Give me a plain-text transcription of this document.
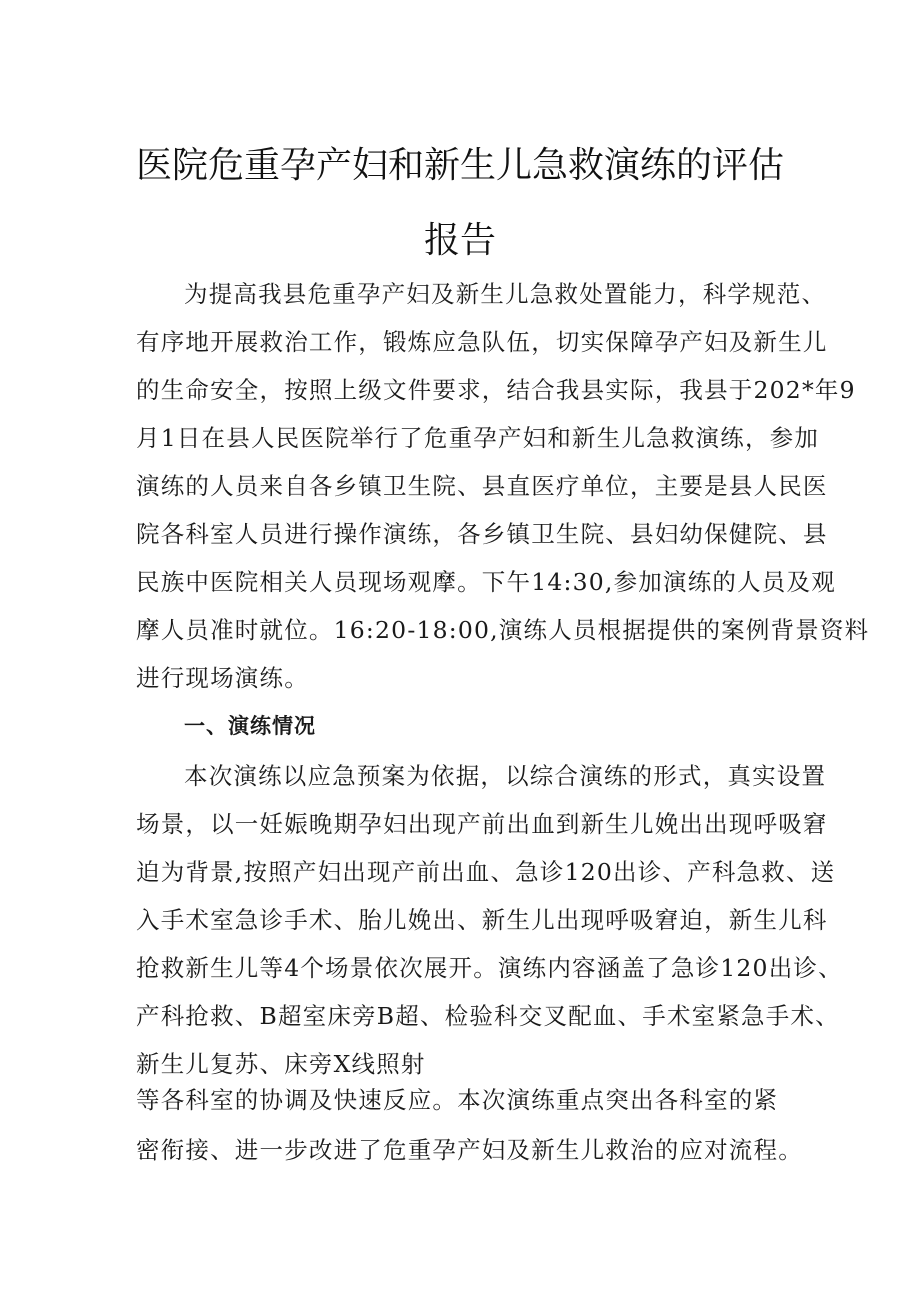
医院危重孕产妇和新生儿急救演练的评估
报告
为提高我县危重孕产妇及新生儿急救处置能力，科学规范、
有序地开展救治工作，锻炼应急队伍，切实保障孕产妇及新生儿
的生命安全，按照上级文件要求，结合我县实际，我县于202*年9
月1日在县人民医院举行了危重孕产妇和新生儿急救演练，参加
演练的人员来自各乡镇卫生院、县直医疗单位，主要是县人民医
院各科室人员进行操作演练，各乡镇卫生院、县妇幼保健院、县
民族中医院相关人员现场观摩。下午14:30,参加演练的人员及观
摩人员准时就位。16:20-18:00,演练人员根据提供的案例背景资料
进行现场演练。
一、演练情况
本次演练以应急预案为依据，以综合演练的形式，真实设置
场景，以一妊娠晚期孕妇出现产前出血到新生儿娩出出现呼吸窘
迫为背景,按照产妇出现产前出血、急诊120出诊、产科急救、送
入手术室急诊手术、胎儿娩出、新生儿出现呼吸窘迫，新生儿科
抢救新生儿等4个场景依次展开。演练内容涵盖了急诊120出诊、
产科抢救、B超室床旁B超、检验科交叉配血、手术室紧急手术、
新生儿复苏、床旁X线照射
等各科室的协调及快速反应。本次演练重点突出各科室的紧
密衔接、进一步改进了危重孕产妇及新生儿救治的应对流程。
